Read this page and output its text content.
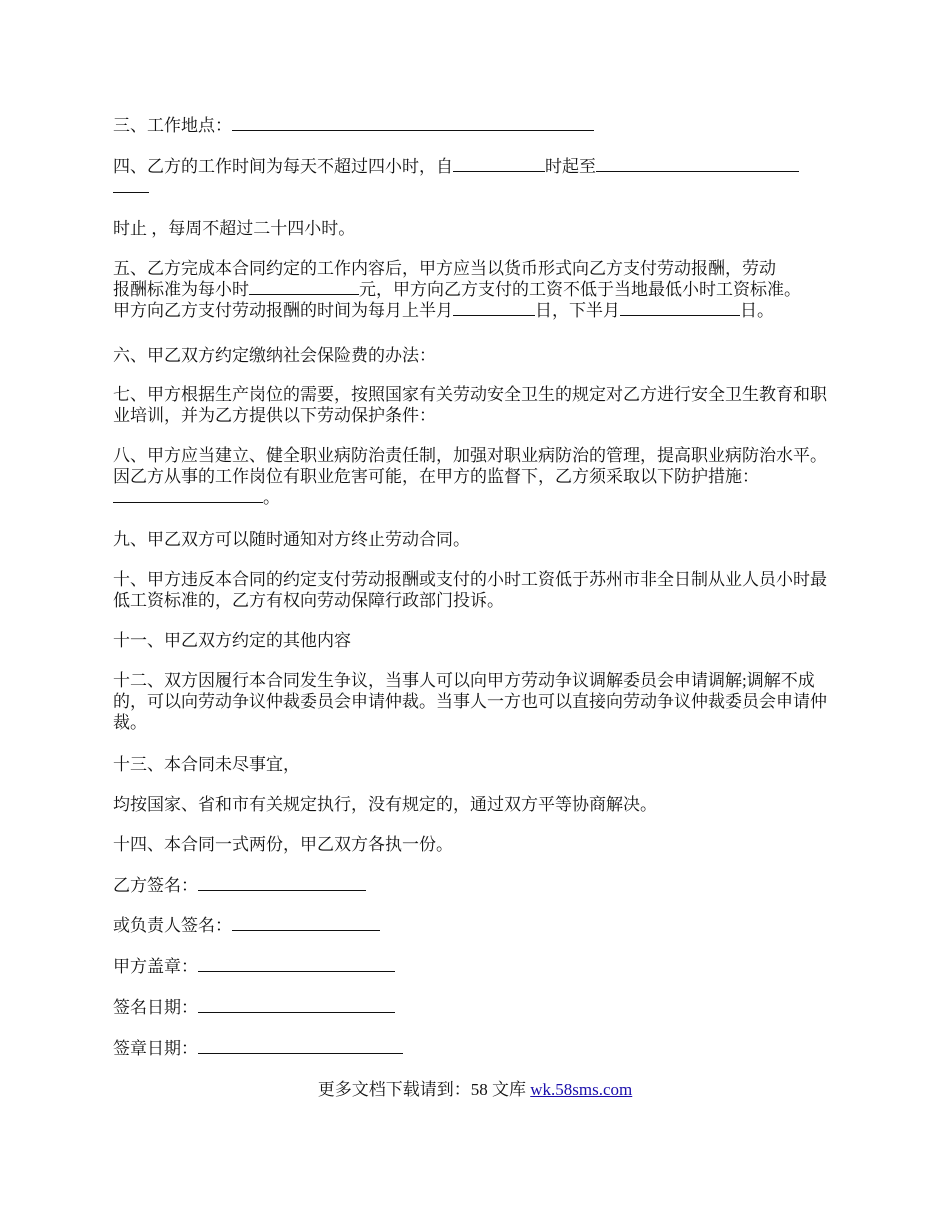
三、工作地点：
四、乙方的工作时间为每天不超过四小时，自	时起至

时止 ，每周不超过二十四小时。
五、乙方完成本合同约定的工作内容后，甲方应当以货币形式向乙方支付劳动报酬，劳动
报酬标准为每小时	元，甲方向乙方支付的工资不低于当地最低小时工资标准。
甲方向乙方支付劳动报酬的时间为每月上半月	日，下半月	日。
六、甲乙双方约定缴纳社会保险费的办法：
七、甲方根据生产岗位的需要，按照国家有关劳动安全卫生的规定对乙方进行安全卫生教育和职业培训，并为乙方提供以下劳动保护条件：
八、甲方应当建立、健全职业病防治责任制，加强对职业病防治的管理，提高职业病防治水平。因乙方从事的工作岗位有职业危害可能，在甲方的监督下，乙方须采取以下防护措施：。
九、甲乙双方可以随时通知对方终止劳动合同。
十、甲方违反本合同的约定支付劳动报酬或支付的小时工资低于苏州市非全日制从业人员小时最低工资标准的，乙方有权向劳动保障行政部门投诉。
十一、甲乙双方约定的其他内容
十二、双方因履行本合同发生争议，当事人可以向甲方劳动争议调解委员会申请调解;调解不成的，可以向劳动争议仲裁委员会申请仲裁。当事人一方也可以直接向劳动争议仲裁委员会申请仲裁。
十三、本合同未尽事宜，
均按国家、省和市有关规定执行，没有规定的，通过双方平等协商解决。
十四、本合同一式两份，甲乙双方各执一份。
乙方签名：
或负责人签名：
甲方盖章：
签名日期：
签章日期：
更多文档下载请到：58 文库 wk.58sms.com
